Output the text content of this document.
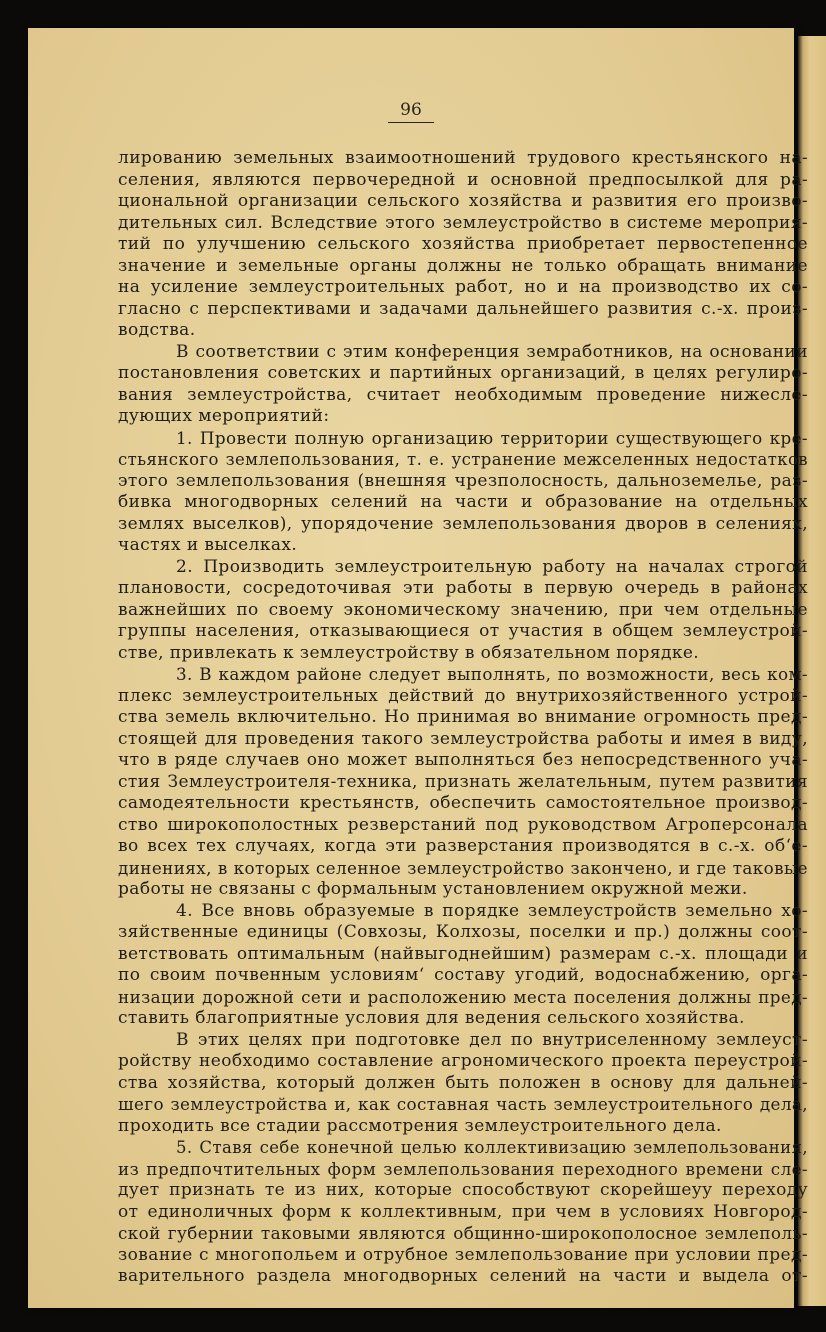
96
лированию земельных взаимоотношений трудового крестьянского на-
селения, являются первочередной и основной предпосылкой для ра-
циональной организации сельского хозяйства и развития его произво-
дительных сил. Вследствие этого землеустройство в системе мероприя-
тий по улучшению сельского хозяйства приобретает первостепенное
значение и земельные органы должны не только обращать внимание
на усиление землеустроительных работ, но и на производство их со-
гласно с перспективами и задачами дальнейшего развития с.-х. произ-
водства.
В соответствии с этим конференция земработников, на основании
постановления советских и партийных организаций, в целях регулиро-
вания землеустройства, считает необходимым проведение нижесле-
дующих мероприятий:
1. Провести полную организацию территории существующего кре-
стьянского землепользования, т. е. устранение межселенных недостатков
этого землепользования (внешняя чрезполосность, дальноземелье, раз-
бивка многодворных селений на части и образование на отдельных
землях выселков), упорядочение землепользования дворов в селениях,
частях и выселках.
2. Производить землеустроительную работу на началах строгой
плановости, сосредоточивая эти работы в первую очередь в районах
важнейших по своему экономическому значению, при чем отдельные
группы населения, отказывающиеся от участия в общем землеустрой-
стве, привлекать к землеустройству в обязательном порядке.
3. В каждом районе следует выполнять, по возможности, весь ком-
плекс землеустроительных действий до внутрихозяйственного устрой-
ства земель включительно. Но принимая во внимание огромность пред-
стоящей для проведения такого землеустройства работы и имея в виду,
что в ряде случаев оно может выполняться без непосредственного уча-
стия Землеустроителя-техника, признать желательным, путем развития
самодеятельности крестьянств, обеспечить самостоятельное производ-
ство широкополостных резверстаний под руководством Агроперсонала
во всех тех случаях, когда эти разверстания производятся в с.-х. об‘е-
динениях, в которых селенное землеустройство закончено, и где таковые
работы не связаны с формальным установлением окружной межи.
4. Все вновь образуемые в порядке землеустройств земельно хо-
зяйственные единицы (Совхозы, Колхозы, поселки и пр.) должны соот-
ветствовать оптимальным (найвыгоднейшим) размерам с.-х. площади и
по своим почвенным условиям‘ составу угодий, водоснабжению, орга-
низации дорожной сети и расположению места поселения должны пред-
ставить благоприятные условия для ведения сельского хозяйства.
В этих целях при подготовке дел по внутриселенному землеуст-
ройству необходимо составление агрономического проекта переустрой-
ства хозяйства, который должен быть положен в основу для дальней-
шего землеустройства и, как составная часть землеустроительного дела,
проходить все стадии рассмотрения землеустроительного дела.
5. Ставя себе конечной целью коллективизацию землепользования,
из предпочтительных форм землепользования переходного времени сле-
дует признать те из них, которые способствуют скорейшеуу переходу
от единоличных форм к коллективным, при чем в условиях Новгород-
ской губернии таковыми являются общинно-широкополосное землеполь-
зование с многопольем и отрубное землепользование при условии пред-
варительного раздела многодворных селений на части и выдела от-
